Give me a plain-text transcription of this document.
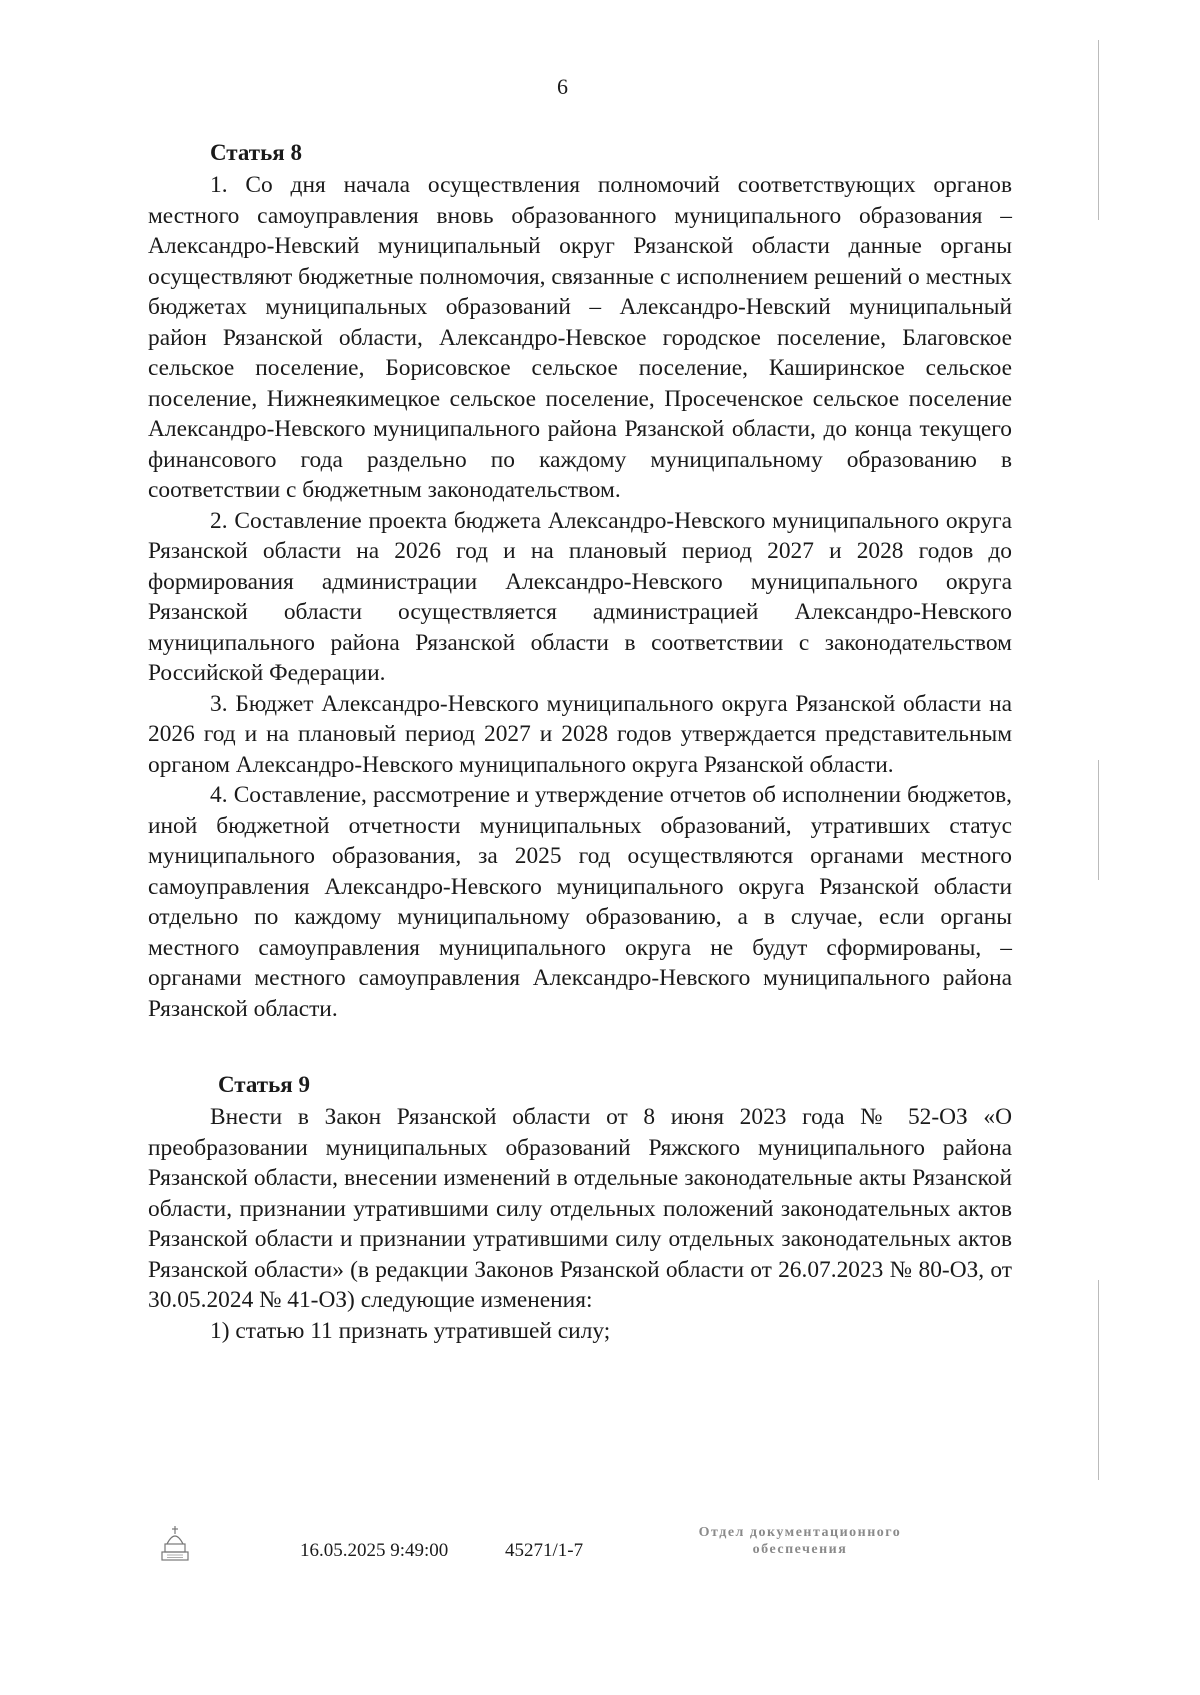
6
Статья 8

1. Со дня начала осуществления полномочий соответствующих органов местного самоуправления вновь образованного муниципального образования – Александро-Невский муниципальный округ Рязанской области данные органы осуществляют бюджетные полномочия, связанные с исполнением решений о местных бюджетах муниципальных образований – Александро-Невский муниципальный район Рязанской области, Александро-Невское городское поселение, Благовское сельское поселение, Борисовское сельское поселение, Каширинское сельское поселение, Нижнеякимецкое сельское поселение, Просеченское сельское поселение Александро-Невского муниципального района Рязанской области, до конца текущего финансового года раздельно по каждому муниципальному образованию в соответствии с бюджетным законодательством.

2. Составление проекта бюджета Александро-Невского муниципального округа Рязанской области на 2026 год и на плановый период 2027 и 2028 годов до формирования администрации Александро-Невского муниципального округа Рязанской области осуществляется администрацией Александро-Невского муниципального района Рязанской области в соответствии с законодательством Российской Федерации.

3. Бюджет Александро-Невского муниципального округа Рязанской области на 2026 год и на плановый период 2027 и 2028 годов утверждается представительным органом Александро-Невского муниципального округа Рязанской области.

4. Составление, рассмотрение и утверждение отчетов об исполнении бюджетов, иной бюджетной отчетности муниципальных образований, утративших статус муниципального образования, за 2025 год осуществляются органами местного самоуправления Александро-Невского муниципального округа Рязанской области отдельно по каждому муниципальному образованию, а в случае, если органы местного самоуправления муниципального округа не будут сформированы, – органами местного самоуправления Александро-Невского муниципального района Рязанской области.

Статья 9

Внести в Закон Рязанской области от 8 июня 2023 года № 52-ОЗ «О преобразовании муниципальных образований Ряжского муниципального района Рязанской области, внесении изменений в отдельные законодательные акты Рязанской области, признании утратившими силу отдельных положений законодательных актов Рязанской области и признании утратившими силу отдельных законодательных актов Рязанской области» (в редакции Законов Рязанской области от 26.07.2023 № 80-ОЗ, от 30.05.2024 № 41-ОЗ) следующие изменения:

1) статью 11 признать утратившей силу;

16.05.2025 9:49:00	45271/1-7
Отдел документационного
обеспечения
